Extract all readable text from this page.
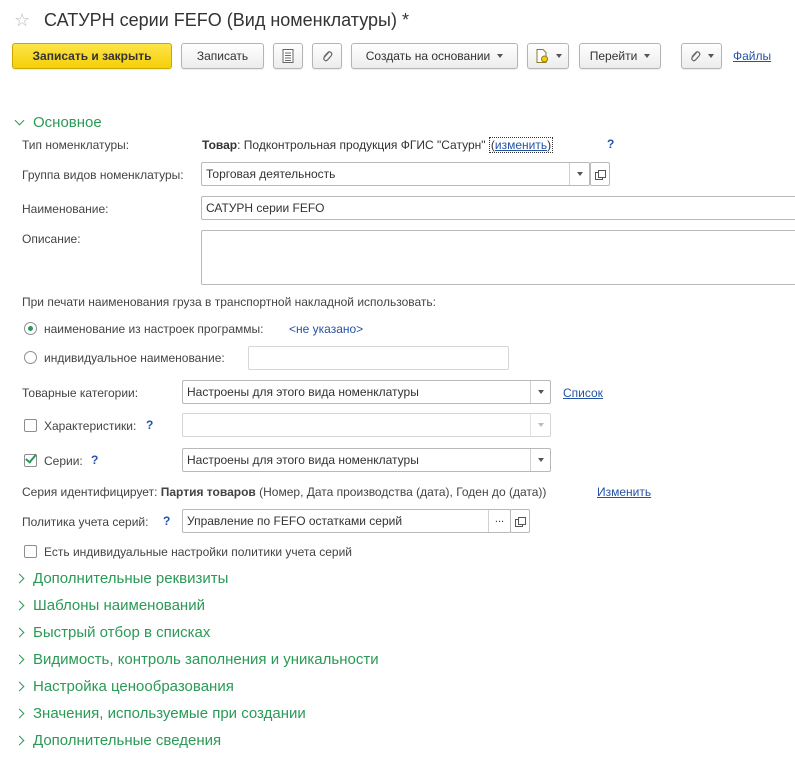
☆ САТУРН серии FEFO (Вид номенклатуры) *
Записать и закрыть	Записать	Создать на основании	Перейти	Файлы
Основное
Тип номенклатуры:	Товар: Подконтрольная продукция ФГИС "Сатурн" (изменить)	?
Группа видов номенклатуры: Торговая деятельность
Наименование:	САТУРН серии FEFO
Описание:
При печати наименования груза в транспортной накладной использовать:
наименование из настроек программы: <не указано>
индивидуальное наименование:
Товарные категории:	Настроены для этого вида номенклатуры	Список
Характеристики: ?
Серии: ?	Настроены для этого вида номенклатуры
Серия идентифицирует: Партия товаров (Номер, Дата производства (дата), Годен до (дата))	Изменить
Политика учета серий: ? Управление по FEFO остатками серий	...
Есть индивидуальные настройки политики учета серий
Дополнительные реквизиты
Шаблоны наименований
Быстрый отбор в списках
Видимость, контроль заполнения и уникальности
Настройка ценообразования
Значения, используемые при создании
Дополнительные сведения
